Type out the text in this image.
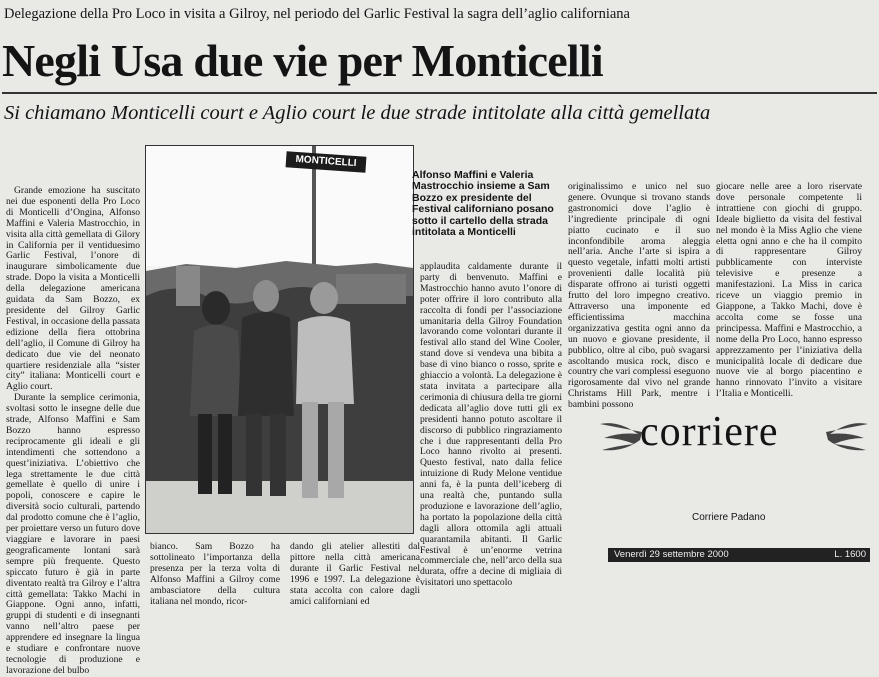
Delegazione della Pro Loco in visita a Gilroy, nel periodo del Garlic Festival la sagra dell’aglio californiana
Negli Usa due vie per Monticelli
Si chiamano Monticelli court e Aglio court le due strade intitolate alla città gemellata

Grande emozione ha suscitato nei due esponenti della Pro Loco di Monticelli d’Ongina, Alfonso Maffini e Valeria Mastrocchio, in visita alla città gemellata di Gilory in California per il ventiduesimo Garlic Festival, l’onore di inaugurare simbolicamente due strade. Dopo la visita a Monticelli della delegazione americana guidata da Sam Bozzo, ex presidente del Gilroy Garlic Festival, in occasione della passata edizione della fiera ottobrina dell’aglio, il Comune di Gilroy ha dedicato due vie del neonato quartiere residenziale alla “sister city” italiana: Monticelli court e Aglio court.

Durante la semplice cerimonia, svoltasi sotto le insegne delle due strade, Alfonso Maffini e Sam Bozzo hanno espresso reciprocamente gli ideali e gli intendimenti che sottendono a quest’iniziativa. L’obiettivo che lega strettamente le due città gemellate è quello di unire i popoli, conoscere e capire le diversità socio culturali, partendo dal prodotto comune che è l’aglio, per proiettare verso un futuro dove viaggiare e lavorare in paesi geograficamente lontani sarà sempre più frequente. Questo spiccato futuro è già in parte diventato realtà tra Gilroy e l’altra città gemellata: Takko Machi in Giappone. Ogni anno, infatti, gruppi di studenti e di insegnanti vanno nell’altro paese per apprendere ed insegnare la lingua e studiare e confrontare nuove tecnologie di produzione e lavorazione del bulbo

MONTICELLI
Alfonso Maffini e Valeria Mastrocchio insieme a Sam Bozzo ex presidente del Festival californiano posano sotto il cartello della strada intitolata a Monticelli
bianco. Sam Bozzo ha sottolineato l’importanza della presenza per la terza volta di Alfonso Maffini a Gilroy come ambasciatore della cultura italiana nel mondo, ricor-
dando gli atelier allestiti dal pittore nella città americana durante il Garlic Festival nel 1996 e 1997. La delegazione è stata accolta con calore dagli amici californiani ed
applaudita caldamente durante il party di benvenuto. Maffini e Mastrocchio hanno avuto l’onore di poter offrire il loro contributo alla raccolta di fondi per l’associazione umanitaria della Gilroy Foundation lavorando come volontari durante il festival allo stand del Wine Cooler, stand dove si vendeva una bibita a base di vino bianco o rosso, sprite e ghiaccio a volontà. La delegazione è stata invitata a partecipare alla cerimonia di chiusura della tre giorni dedicata all’aglio dove tutti gli ex presidenti hanno potuto ascoltare il discorso di pubblico ringraziamento che i due rappresentanti della Pro Loco hanno rivolto ai presenti. Questo festival, nato dalla felice intuizione di Rudy Melone ventidue anni fa, è la punta dell’iceberg di una realtà che, puntando sulla produzione e lavorazione dell’aglio, ha portato la popolazione della città dagli allora ottomila agli attuali quarantamila abitanti. Il Garlic Festival è un’enorme vetrina commerciale che, nell’arco della sua durata, offre a decine di migliaia di visitatori uno spettacolo
originalissimo e unico nel suo genere. Ovunque si trovano stands gastronomici dove l’aglio è l’ingrediente principale di ogni piatto cucinato e il suo inconfondibile aroma aleggia nell’aria. Anche l’arte si ispira a questo vegetale, infatti molti artisti provenienti dalle località più disparate offrono ai turisti oggetti frutto del loro impegno creativo. Attraverso una imponente ed efficientissima macchina organizzativa gestita ogni anno da un nuovo e giovane presidente, il pubblico, oltre al cibo, può svagarsi ascoltando musica rock, disco e country che vari complessi eseguono rigorosamente dal vivo nel grande Christams Hill Park, mentre i bambini possono
giocare nelle aree a loro riservate dove personale competente li intrattiene con giochi di gruppo. Ideale biglietto da visita del festival nel mondo è la Miss Aglio che viene eletta ogni anno e che ha il compito di rappresentare Gilroy pubblicamente con interviste televisive e presenze a manifestazioni. La Miss in carica riceve un viaggio premio in Giappone, a Takko Machi, dove è accolta come se fosse una principessa. Maffini e Mastrocchio, a nome della Pro Loco, hanno espresso apprezzamento per l’iniziativa della municipalità locale di dedicare due nuove vie al borgo piacentino e hanno rinnovato l’invito a visitare l’Italia e Monticelli.
corriere
Corriere Padano
Venerdì 29 settembre 2000	L. 1600
